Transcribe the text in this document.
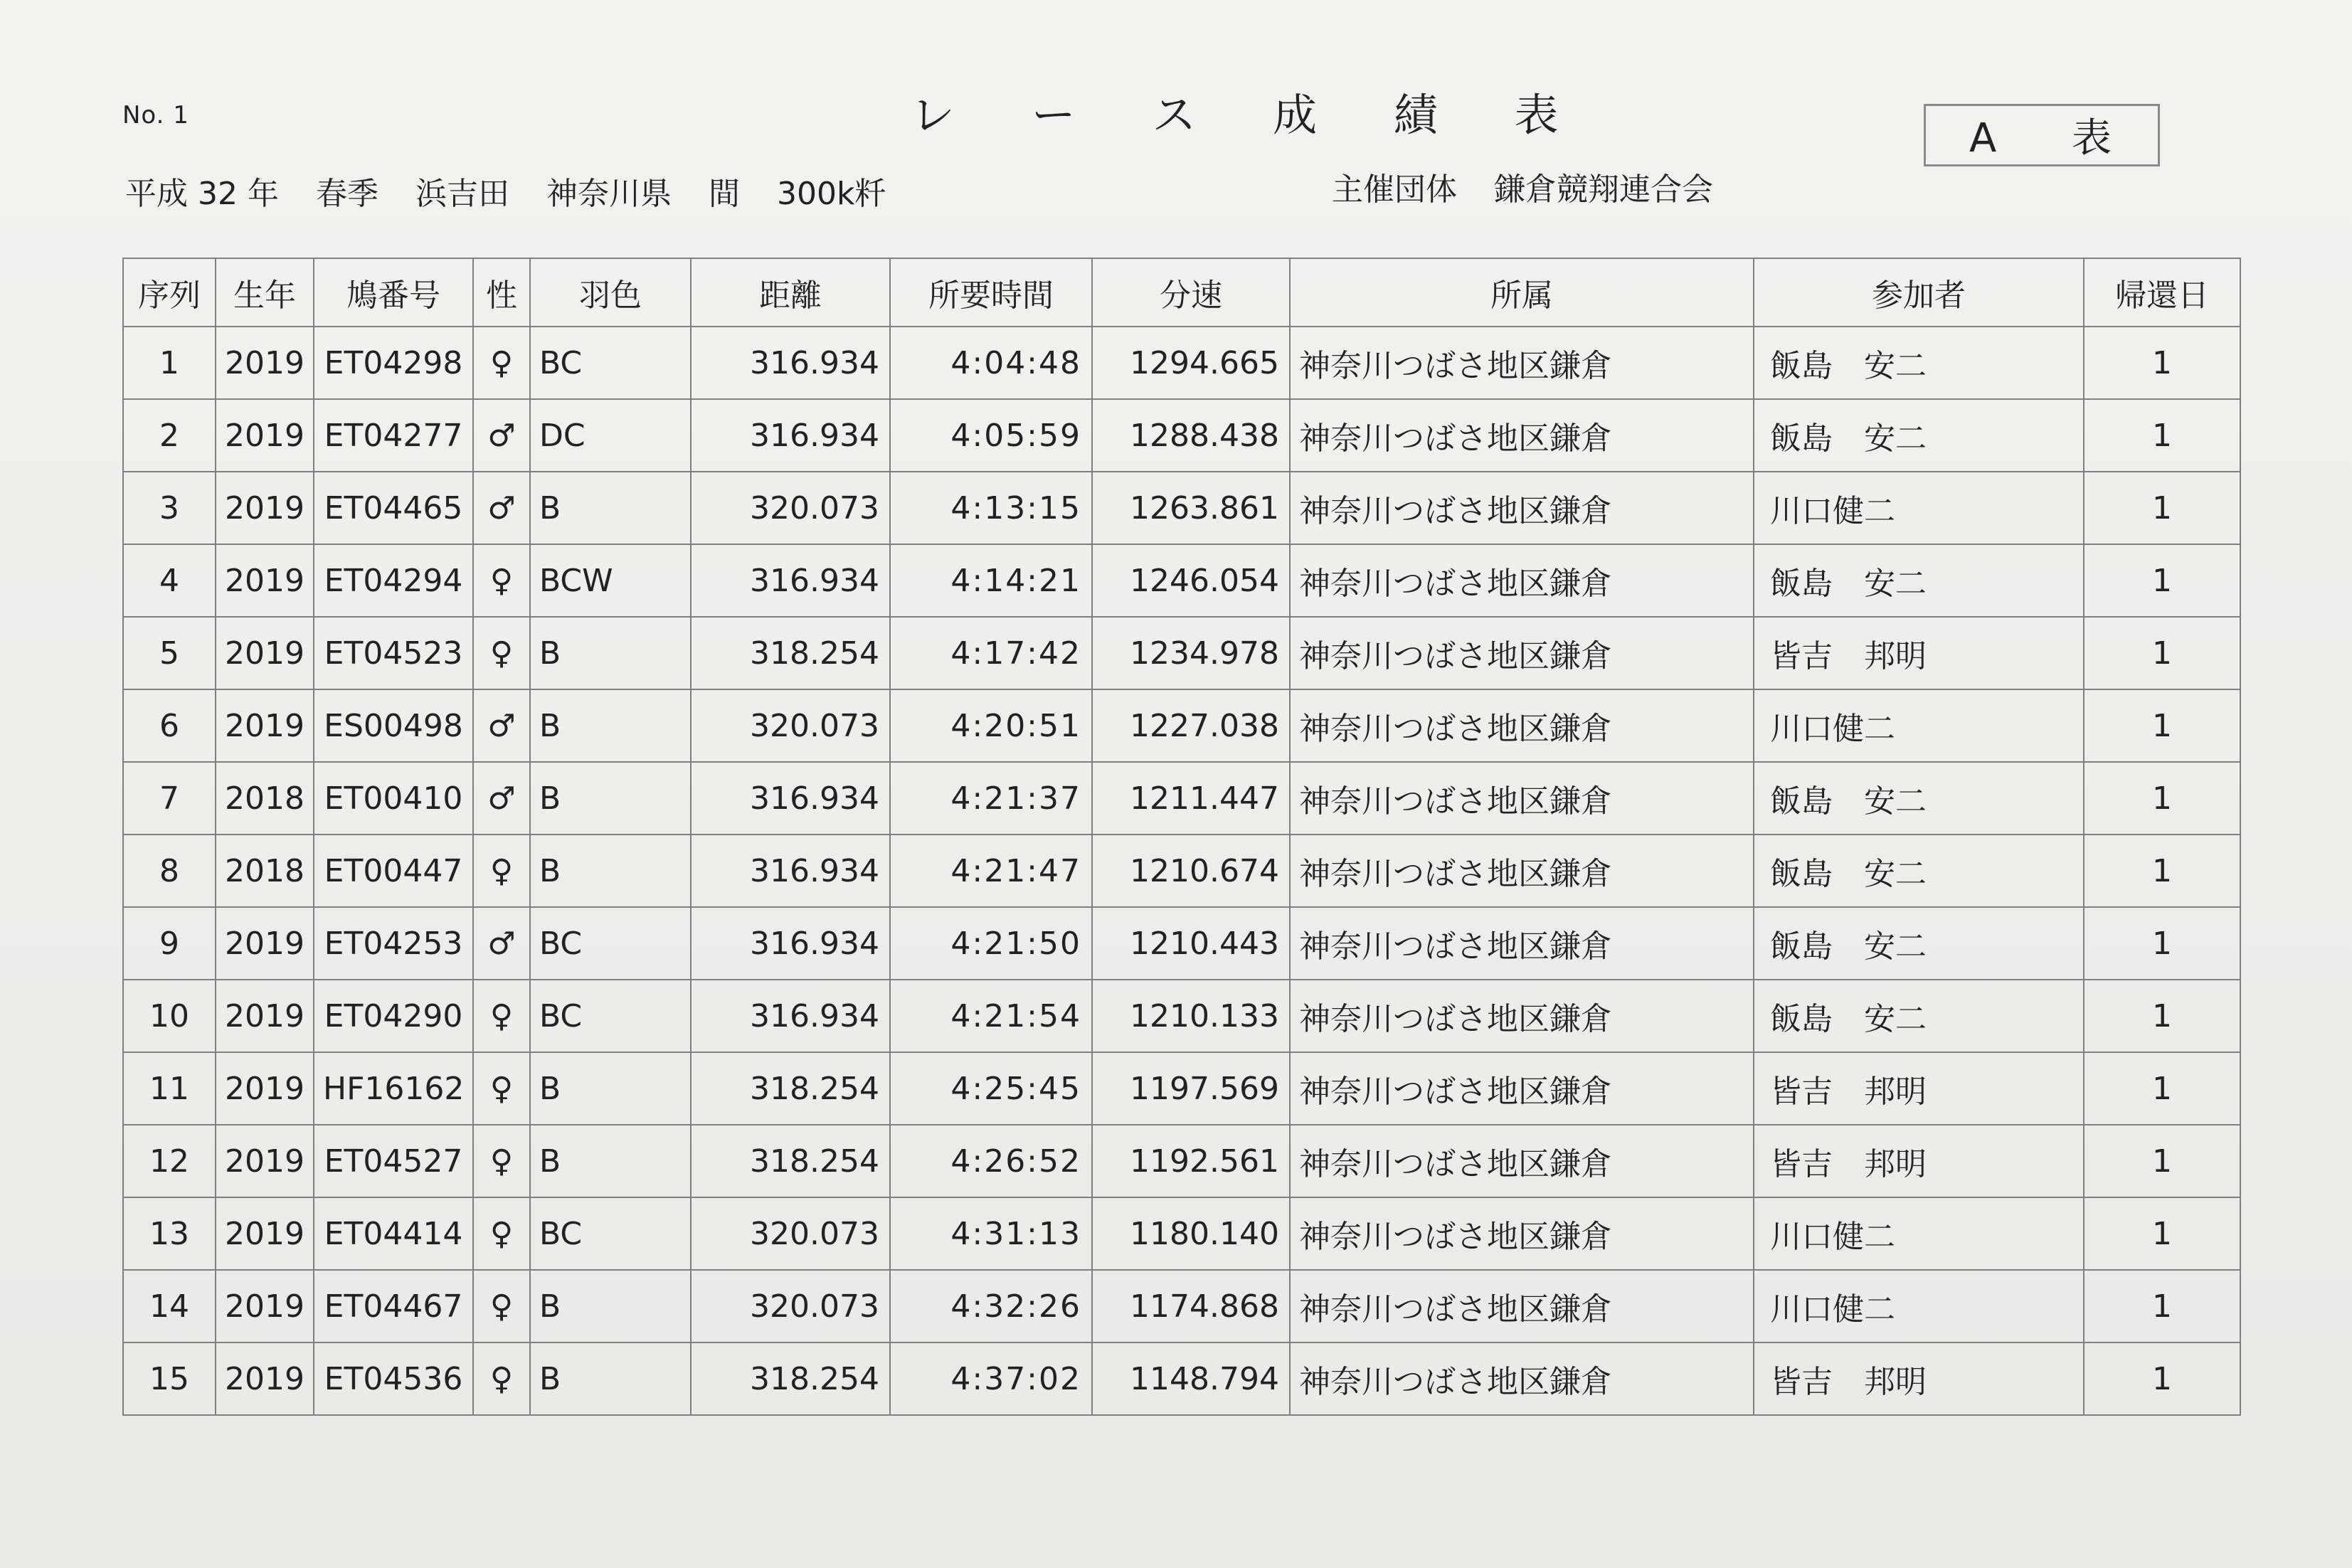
No. 1	レ ー ス 成 績 表	A 表
平成 32 年 春季 浜吉田 神奈川県 間 300k粁	主催団体 鎌倉競翔連合会
序列	生年	鳩番号	性	羽色	距離	所要時間	分速	所属	参加者	帰還日
1	2019	ET04298	♀	BC	316.934	4:04:48	1294.665	神奈川つばさ地区鎌倉	飯島　安二	1
2	2019	ET04277	♂	DC	316.934	4:05:59	1288.438	神奈川つばさ地区鎌倉	飯島　安二	1
3	2019	ET04465	♂	B	320.073	4:13:15	1263.861	神奈川つばさ地区鎌倉	川口健二	1
4	2019	ET04294	♀	BCW	316.934	4:14:21	1246.054	神奈川つばさ地区鎌倉	飯島　安二	1
5	2019	ET04523	♀	B	318.254	4:17:42	1234.978	神奈川つばさ地区鎌倉	皆吉　邦明	1
6	2019	ES00498	♂	B	320.073	4:20:51	1227.038	神奈川つばさ地区鎌倉	川口健二	1
7	2018	ET00410	♂	B	316.934	4:21:37	1211.447	神奈川つばさ地区鎌倉	飯島　安二	1
8	2018	ET00447	♀	B	316.934	4:21:47	1210.674	神奈川つばさ地区鎌倉	飯島　安二	1
9	2019	ET04253	♂	BC	316.934	4:21:50	1210.443	神奈川つばさ地区鎌倉	飯島　安二	1
10	2019	ET04290	♀	BC	316.934	4:21:54	1210.133	神奈川つばさ地区鎌倉	飯島　安二	1
11	2019	HF16162	♀	B	318.254	4:25:45	1197.569	神奈川つばさ地区鎌倉	皆吉　邦明	1
12	2019	ET04527	♀	B	318.254	4:26:52	1192.561	神奈川つばさ地区鎌倉	皆吉　邦明	1
13	2019	ET04414	♀	BC	320.073	4:31:13	1180.140	神奈川つばさ地区鎌倉	川口健二	1
14	2019	ET04467	♀	B	320.073	4:32:26	1174.868	神奈川つばさ地区鎌倉	川口健二	1
15	2019	ET04536	♀	B	318.254	4:37:02	1148.794	神奈川つばさ地区鎌倉	皆吉　邦明	1
